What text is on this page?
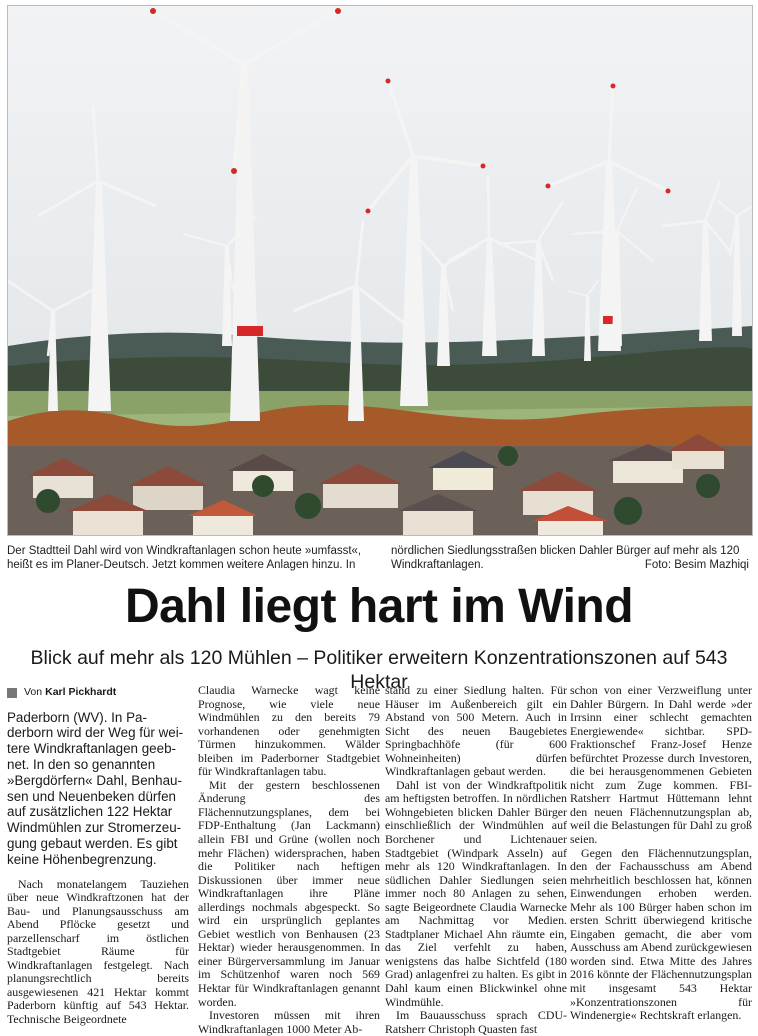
Der Stadtteil Dahl wird von Windkraftanlagen schon heute »umfasst«, heißt es im Planer-Deutsch. Jetzt kommen weitere Anlagen hinzu. In
nördlichen Siedlungsstraßen blicken Dahler Bürger auf mehr als 120 Windkraftanlagen.	Foto: Besim Mazhiqi
Dahl liegt hart im Wind
Blick auf mehr als 120 Mühlen – Politiker erweitern Konzentrationszonen auf 543 Hektar
Von Karl Pickhardt
Paderborn (WV). In Pa-
derborn wird der Weg für wei-
tere Windkraftanlagen geeb-
net. In den so genannten
»Bergdörfern« Dahl, Benhau-
sen und Neuenbeken dürfen
auf zusätzlichen 122 Hektar
Windmühlen zur Stromerzeu-
gung gebaut werden. Es gibt
keine Höhenbegrenzung.

Nach monatelangem Tauziehen über neue Windkraftzonen hat der Bau- und Planungsausschuss am Abend Pflöcke gesetzt und parzellenscharf im östlichen Stadtgebiet Räume für Windkraftanlagen festgelegt. Nach planungsrechtlich bereits ausgewiesenen 421 Hektar kommt Paderborn künftig auf 543 Hektar. Technische Beigeordnete

Claudia Warnecke wagt keine Prognose, wie viele neue Windmühlen zu den bereits 79 vorhandenen oder genehmigten Türmen hinzukommen. Wälder bleiben im Paderborner Stadtgebiet für Windkraftanlagen tabu.

Mit der gestern beschlossenen Änderung des Flächennutzungsplanes, dem bei FDP-Enthaltung (Jan Lackmann) allein FBI und Grüne (wollen noch mehr Flächen) widersprachen, haben die Politiker nach heftigen Diskussionen über immer neue Windkraftanlagen ihre Pläne allerdings nochmals abgespeckt. So wird ein ursprünglich geplantes Gebiet westlich von Benhausen (23 Hektar) wieder herausgenommen. In einer Bürgerversammlung im Januar im Schützenhof waren noch 569 Hektar für Windkraftanlagen genannt worden.

Investoren müssen mit ihren Windkraftanlagen 1000 Meter Ab-

stand zu einer Siedlung halten. Für Häuser im Außenbereich gilt ein Abstand von 500 Metern. Auch in Sicht des neuen Baugebietes Springbachhöfe (für 600 Wohneinheiten) dürfen Windkraftanlagen gebaut werden.

Dahl ist von der Windkraftpolitik am heftigsten betroffen. In nördlichen Wohngebieten blicken Dahler Bürger einschließlich der Windmühlen auf Borchener und Lichtenauer Stadtgebiet (Windpark Asseln) auf mehr als 120 Windkraftanlagen. In südlichen Dahler Siedlungen seien immer noch 80 Anlagen zu sehen, sagte Beigeordnete Claudia Warnecke am Nachmittag vor Medien. Stadtplaner Michael Ahn räumte ein, das Ziel verfehlt zu haben, wenigstens das halbe Sichtfeld (180 Grad) anlagenfrei zu halten. Es gibt in Dahl kaum einen Blickwinkel ohne Windmühle.

Im Bauausschuss sprach CDU-Ratsherr Christoph Quasten fast

schon von einer Verzweiflung unter Dahler Bürgern. In Dahl werde »der Irrsinn einer schlecht gemachten Energiewende« sichtbar. SPD-Fraktionschef Franz-Josef Henze befürchtet Prozesse durch Investoren, die bei herausgenommenen Gebieten nicht zum Zuge kommen. FBI-Ratsherr Hartmut Hüttemann lehnt den neuen Flächennutzungsplan ab, weil die Belastungen für Dahl zu groß seien.

Gegen den Flächennutzungsplan, den der Fachausschuss am Abend mehrheitlich beschlossen hat, können Einwendungen erhoben werden. Mehr als 100 Bürger haben schon im ersten Schritt überwiegend kritische Eingaben gemacht, die aber vom Ausschuss am Abend zurückgewiesen worden sind. Etwa Mitte des Jahres 2016 könnte der Flächennutzungsplan mit insgesamt 543 Hektar »Konzentrationszonen für Windenergie« Rechtskraft erlangen.
